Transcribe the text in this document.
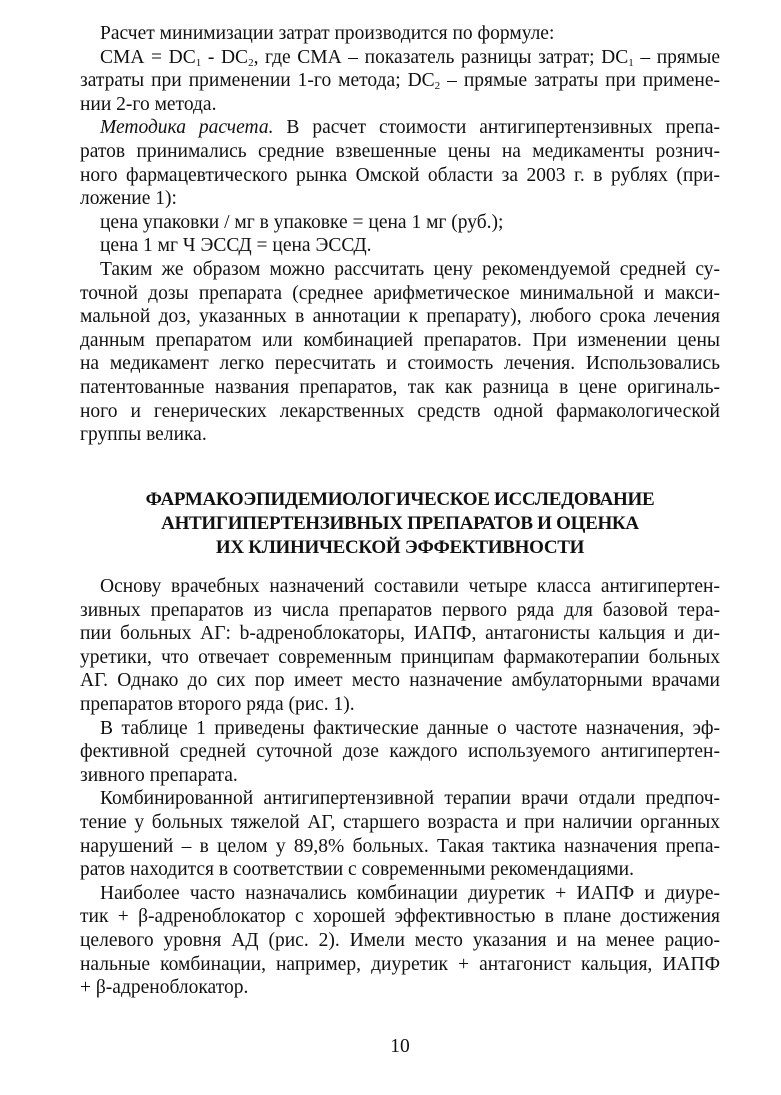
Расчет минимизации затрат производится по формуле:
СМА = $DC_1 - DC_2$, где СМА – показатель разницы затрат; $DC_1$ – прямые
затраты при применении 1-го метода; $DC_2$ – прямые затраты при примене-
нии 2-го метода.
Методика расчета. В расчет стоимости антигипертензивных препа-
ратов принимались средние взвешенные цены на медикаменты рознич-
ного фармацевтического рынка Омской области за 2003 г. в рублях (при-
ложение 1):
цена упаковки / мг в упаковке = цена 1 мг (руб.);
цена 1 мг Ч ЭССД = цена ЭССД.
Таким же образом можно рассчитать цену рекомендуемой средней су-
точной дозы препарата (среднее арифметическое минимальной и макси-
мальной доз, указанных в аннотации к препарату), любого срока лечения
данным препаратом или комбинацией препаратов. При изменении цены
на медикамент легко пересчитать и стоимость лечения. Использовались
патентованные названия препаратов, так как разница в цене оригиналь-
ного и генерических лекарственных средств одной фармакологической
группы велика.
ФАРМАКОЭПИДЕМИОЛОГИЧЕСКОЕ ИССЛЕДОВАНИЕ
АНТИГИПЕРТЕНЗИВНЫХ ПРЕПАРАТОВ И ОЦЕНКА
ИХ КЛИНИЧЕСКОЙ ЭФФЕКТИВНОСТИ
Основу врачебных назначений составили четыре класса антигипертен-
зивных препаратов из числа препаратов первого ряда для базовой тера-
пии больных АГ: b-адреноблокаторы, ИАПФ, антагонисты кальция и ди-
уретики, что отвечает современным принципам фармакотерапии больных
АГ. Однако до сих пор имеет место назначение амбулаторными врачами
препаратов второго ряда (рис. 1).
В таблице 1 приведены фактические данные о частоте назначения, эф-
фективной средней суточной дозе каждого используемого антигипертен-
зивного препарата.
Комбинированной антигипертензивной терапии врачи отдали предпоч-
тение у больных тяжелой АГ, старшего возраста и при наличии органных
нарушений – в целом у 89,8% больных. Такая тактика назначения препа-
ратов находится в соответствии с современными рекомендациями.
Наиболее часто назначались комбинации диуретик + ИАПФ и диуре-
тик + β-адреноблокатор с хорошей эффективностью в плане достижения
целевого уровня АД (рис. 2). Имели место указания и на менее рацио-
нальные комбинации, например, диуретик + антагонист кальция, ИАПФ
+ β-адреноблокатор.
10
